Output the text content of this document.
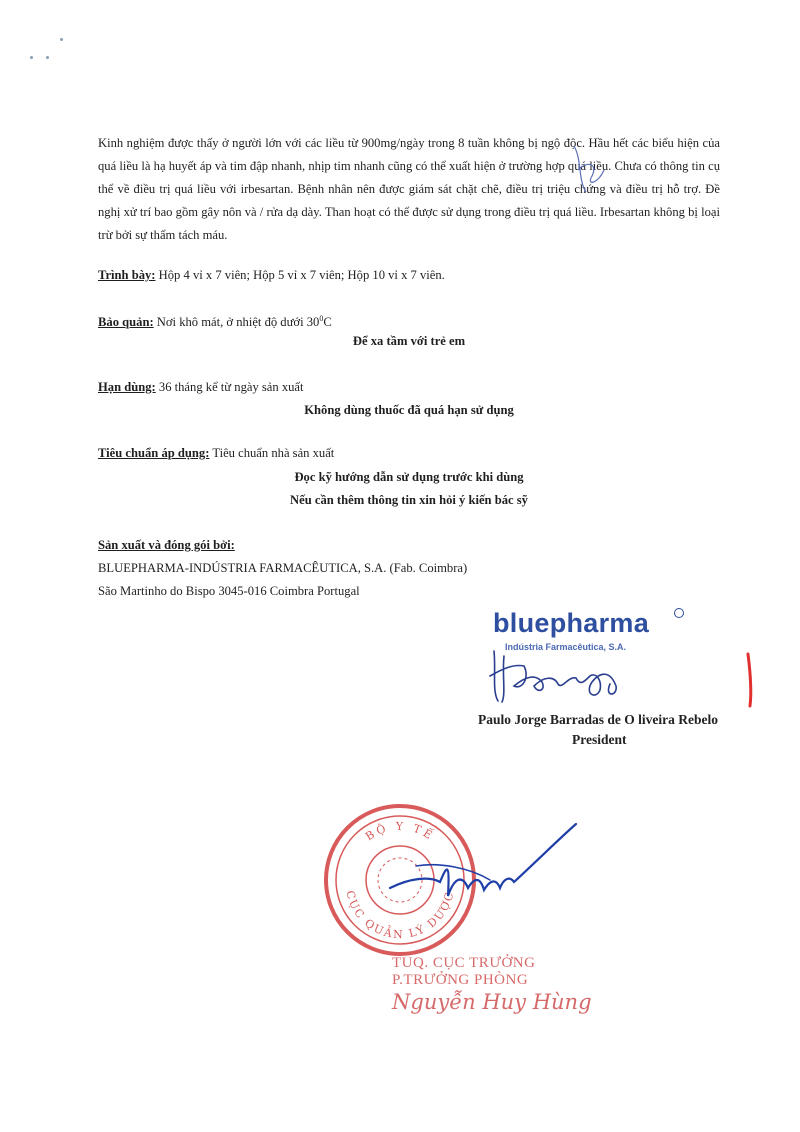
Kinh nghiệm được thấy ở người lớn với các liều từ 900mg/ngày trong 8 tuần không bị ngộ độc. Hầu hết các biểu hiện của quá liều là hạ huyết áp và tim đập nhanh, nhịp tim nhanh cũng có thể xuất hiện ở trường hợp quá liều. Chưa có thông tin cụ thể về điều trị quá liều với irbesartan. Bệnh nhân nên được giám sát chặt chẽ, điều trị triệu chứng và điều trị hỗ trợ. Đề nghị xử trí bao gồm gây nôn và / rửa dạ dày. Than hoạt có thể được sử dụng trong điều trị quá liều. Irbesartan không bị loại trừ bởi sự thẩm tách máu.
Trình bày: Hộp 4 vỉ x 7 viên; Hộp 5 vỉ x 7 viên; Hộp 10 vỉ x 7 viên.
Bảo quản: Nơi khô mát, ở nhiệt độ dưới $30^0C$
Để xa tầm với trẻ em
Hạn dùng: 36 tháng kể từ ngày sản xuất
Không dùng thuốc đã quá hạn sử dụng
Tiêu chuẩn áp dụng: Tiêu chuẩn nhà sản xuất
Đọc kỹ hướng dẫn sử dụng trước khi dùng
Nếu cần thêm thông tin xin hỏi ý kiến bác sỹ
Sản xuất và đóng gói bởi:
BLUEPHARMA-INDÚSTRIA FARMACÊUTICA, S.A. (Fab. Coimbra)
São Martinho do Bispo 3045-016 Coimbra Portugal
bluepharma
Indústria Farmacêutica, S.A.
Paulo Jorge Barradas de O liveira Rebelo
President
BỘ Y TẾ
CỤC QUẢN LÝ DƯỢC
TUQ. CỤC TRƯỞNG
P.TRƯỞNG PHÒNG
Nguyễn Huy Hùng
